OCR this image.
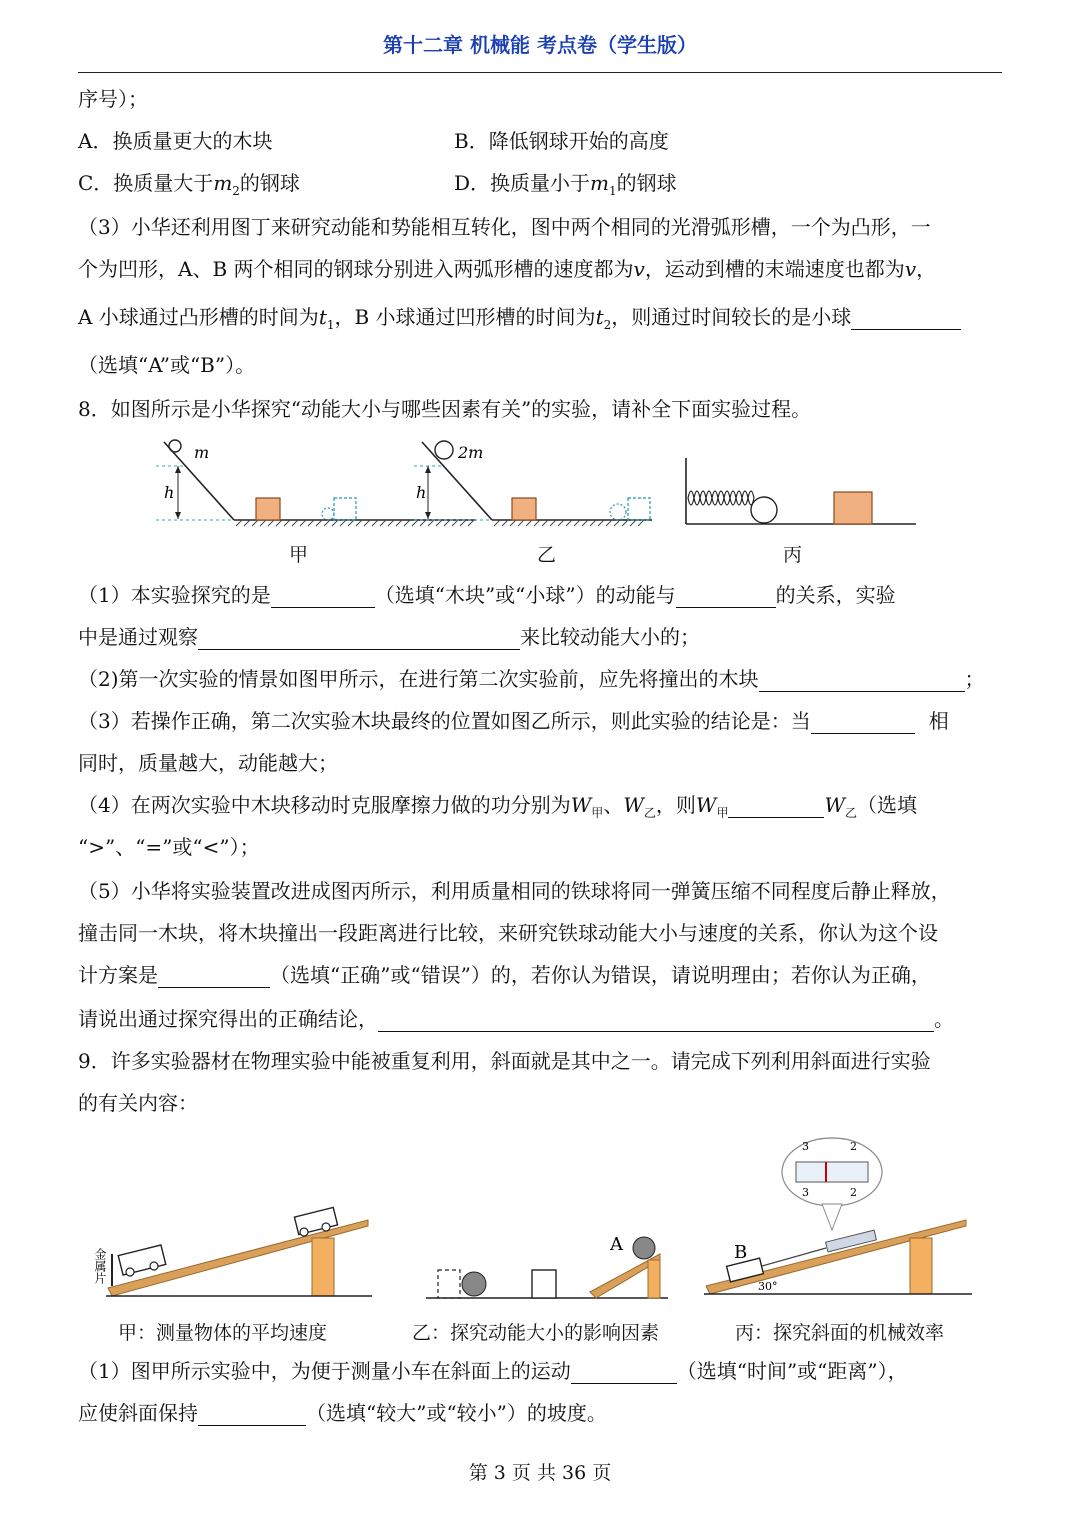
第十二章 机械能 考点卷（学生版）
序号）；
A．换质量更大的木块	B．降低钢球开始的高度
C．换质量大于$m_2$的钢球	D．换质量小于$m_1$的钢球
（3）小华还利用图丁来研究动能和势能相互转化，图中两个相同的光滑弧形槽，一个为凸形，一
个为凹形，A、B 两个相同的钢球分别进入两弧形槽的速度都为v，运动到槽的末端速度也都为v，
A 小球通过凸形槽的时间为$t_1$，B 小球通过凹形槽的时间为$t_2$，则通过时间较长的是小球
（选填“A”或“B”）。
8．如图所示是小华探究“动能大小与哪些因素有关”的实验，请补全下面实验过程。
m
h
甲
2m
h
乙	丙
（1）本实验探究的是	（选填“木块”或“小球”）的动能与	的关系，实验
中是通过观察	来比较动能大小的；
（2)第一次实验的情景如图甲所示，在进行第二次实验前，应先将撞出的木块	；
（3）若操作正确，第二次实验木块最终的位置如图乙所示，则此实验的结论是：当	相
同时，质量越大，动能越大；
（4）在两次实验中木块移动时克服摩擦力做的功分别为$W_甲$、$W_乙$，则$W_甲$	$W_乙$（选填
“>”、“=”或“<”）；
（5）小华将实验装置改进成图丙所示，利用质量相同的铁球将同一弹簧压缩不同程度后静止释放，
撞击同一木块，将木块撞出一段距离进行比较，来研究铁球动能大小与速度的关系，你认为这个设
计方案是	（选填“正确”或“错误”）的，若你认为错误，请说明理由；若你认为正确，
请说出通过探究得出的正确结论，	。
9．许多实验器材在物理实验中能被重复利用，斜面就是其中之一。请完成下列利用斜面进行实验
的有关内容：
金属片
甲：测量物体的平均速度
A
乙：探究动能大小的影响因素
3	2
3	2
B
30°
丙：探究斜面的机械效率
（1）图甲所示实验中，为便于测量小车在斜面上的运动	（选填“时间”或“距离”），
应使斜面保持	（选填“较大”或“较小”）的坡度。
第 3 页 共 36 页
